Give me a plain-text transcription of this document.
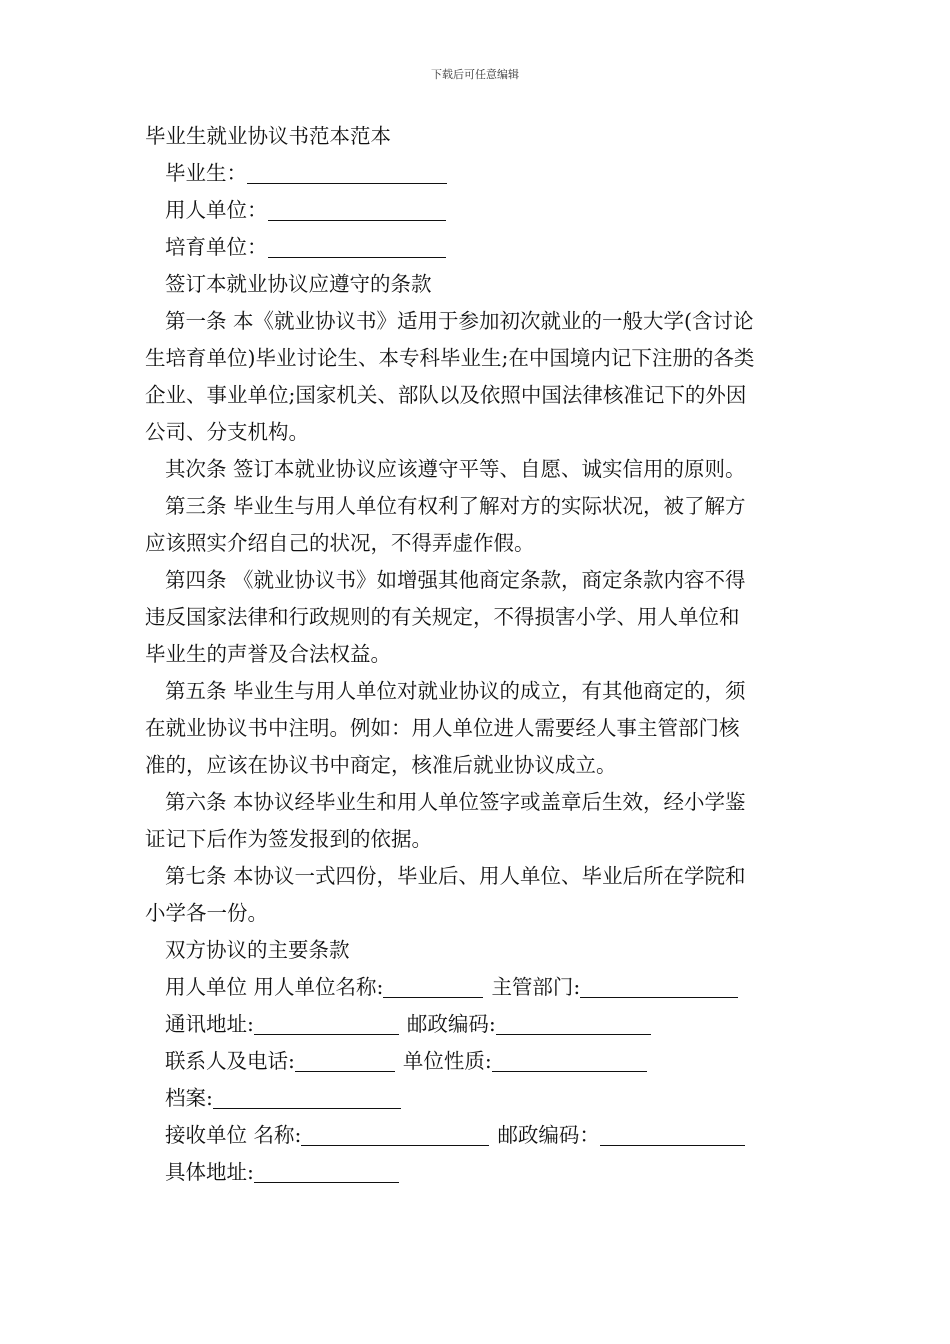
下载后可任意编辑
毕业生就业协议书范本范本
毕业生：
用人单位：
培育单位：
签订本就业协议应遵守的条款
第一条 本《就业协议书》适用于参加初次就业的一般大学(含讨论
生培育单位)毕业讨论生、本专科毕业生;在中国境内记下注册的各类
企业、事业单位;国家机关、部队以及依照中国法律核准记下的外因
公司、分支机构。
其次条 签订本就业协议应该遵守平等、自愿、诚实信用的原则。
第三条 毕业生与用人单位有权利了解对方的实际状况，被了解方
应该照实介绍自己的状况，不得弄虚作假。
第四条 《就业协议书》如增强其他商定条款，商定条款内容不得
违反国家法律和行政规则的有关规定，不得损害小学、用人单位和
毕业生的声誉及合法权益。
第五条 毕业生与用人单位对就业协议的成立，有其他商定的，须
在就业协议书中注明。例如：用人单位进人需要经人事主管部门核
准的，应该在协议书中商定，核准后就业协议成立。
第六条 本协议经毕业生和用人单位签字或盖章后生效，经小学鉴
证记下后作为签发报到的依据。
第七条 本协议一式四份，毕业后、用人单位、毕业后所在学院和
小学各一份。
双方协议的主要条款
用人单位 用人单位名称:	主管部门:
通讯地址:	邮政编码:
联系人及电话:	单位性质:
档案:
接收单位 名称:	邮政编码：
具体地址:
